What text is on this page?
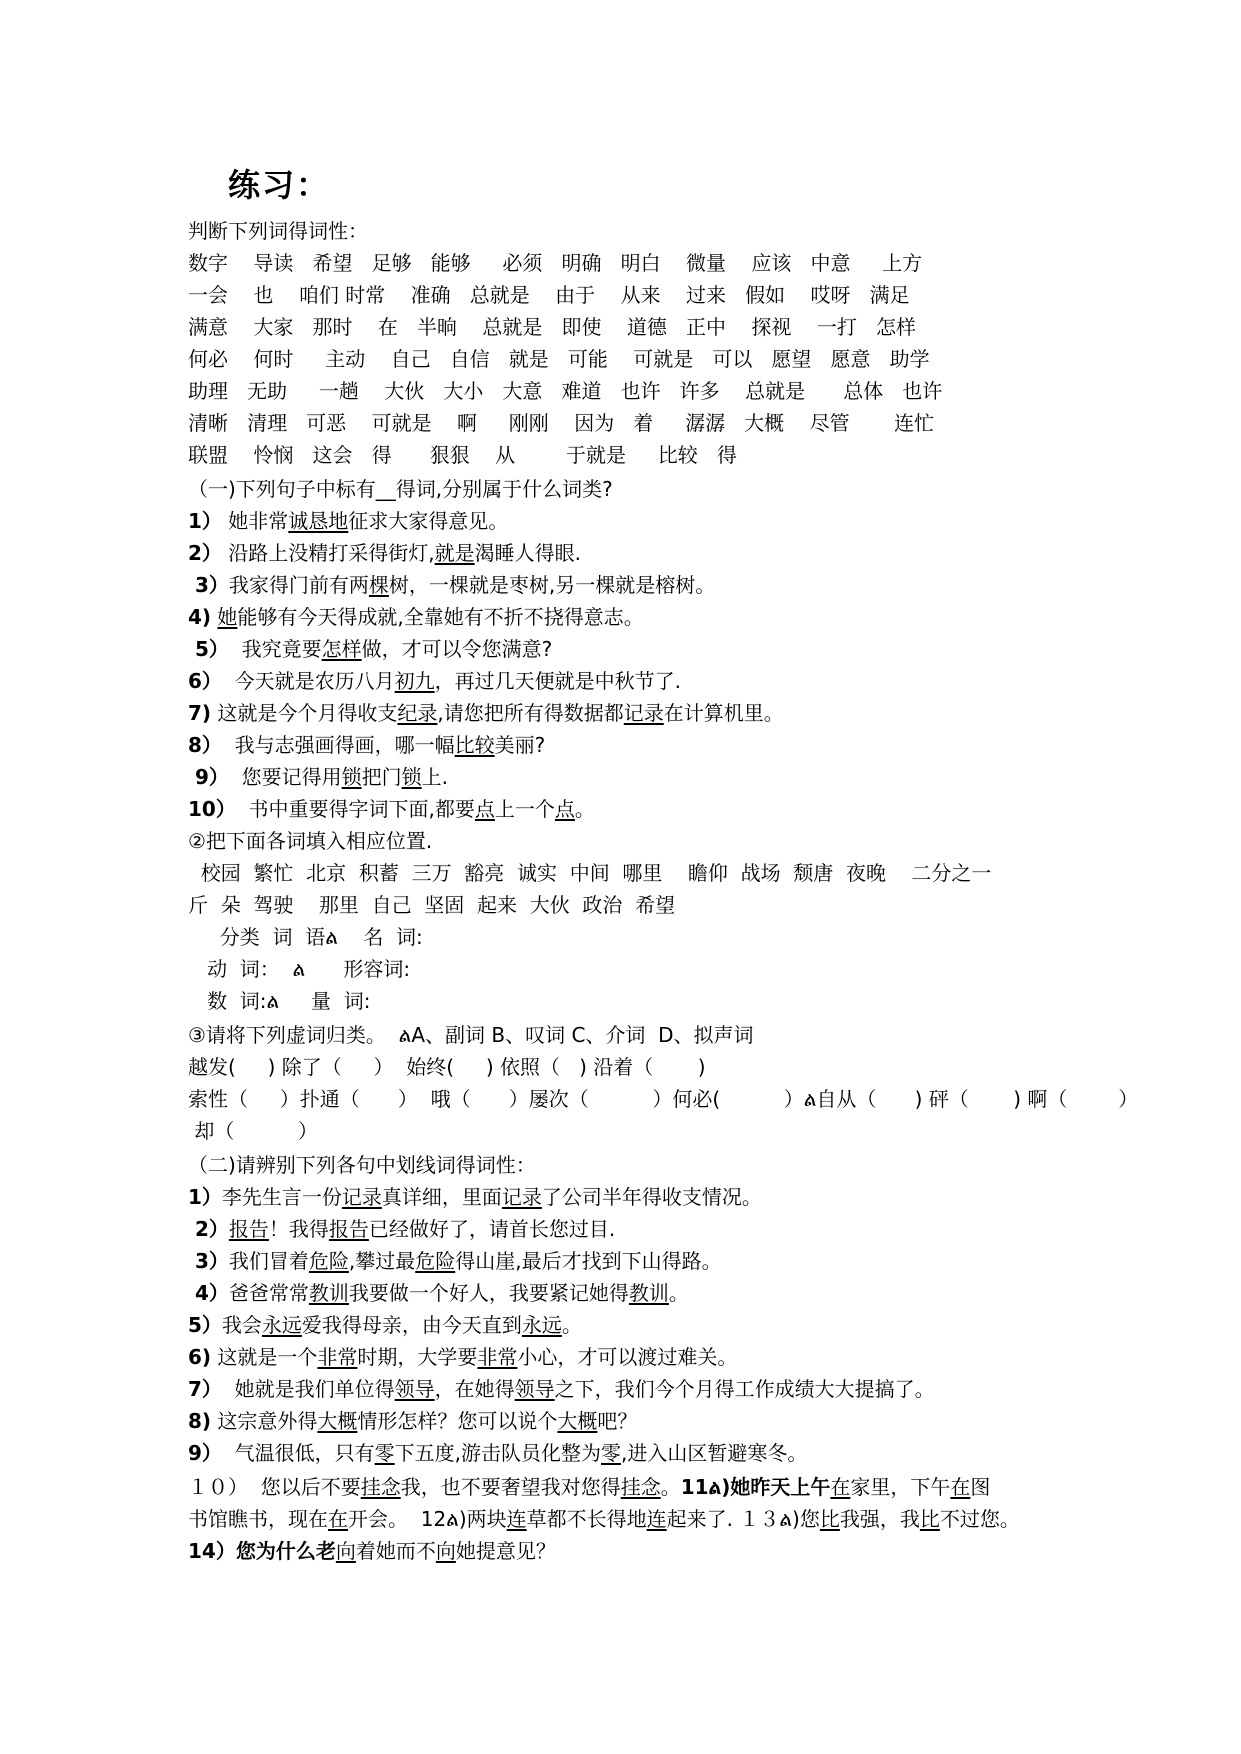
练习：
判断下列词得词性：
数字    导读   希望   足够   能够     必须   明确   明白    微量    应该   中意     上方
一会    也    咱们 时常    准确   总就是    由于    从来    过来   假如    哎呀   满足
满意    大家   那时    在   半晌    总就是   即使    道德   正中    探视    一打   怎样
何必    何时     主动    自己   自信   就是   可能    可就是   可以   愿望   愿意   助学
助理   无助     一趟    大伙   大小   大意   难道   也许   许多    总就是      总体   也许
清晰   清理   可恶    可就是    啊     刚刚    因为   着     潺潺   大概    尽管       连忙
联盟    怜悯   这会   得      狠狠    从        于就是     比较   得
（一)下列句子中标有__得词,分别属于什么词类?
1） 她非常诚恳地征求大家得意见。
2） 沿路上没精打采得街灯,就是渴睡人得眼.
3）我家得门前有两棵树，一棵就是枣树,另一棵就是榕树。
4) 她能够有今天得成就,全靠她有不折不挠得意志。
5）  我究竟要怎样做，才可以令您满意?
6）  今天就是农历八月初九，再过几天便就是中秋节了.
7) 这就是今个月得收支纪录,请您把所有得数据都记录在计算机里。
8）  我与志强画得画，哪一幅比较美丽?
9）  您要记得用锁把门锁上.
10）  书中重要得字词下面,都要点上一个点。
②把下面各词填入相应位置.
校园  繁忙  北京  积蓄  三万  豁亮  诚实  中间  哪里    瞻仰  战场  颓唐  夜晚    二分之一
斤  朵  驾驶    那里  自己  坚固  起来  大伙  政治  希望
分类  词  语ል    名  词:
动  词：  ል      形容词:
数  词:ል     量  词:
③请将下列虚词归类。  ልA、副词 B、叹词 C、介词  D、拟声词
越发(     ) 除了（     ）  始终(     ) 依照（   ) 沿着（       )
索性（     ）扑通（      ）  哦（      ）屡次（          ）何必(          ）ል自从（      ) 砰（       ) 啊（        ）
却（          ）
（二)请辨别下列各句中划线词得词性：
1）李先生言一份记录真详细，里面记录了公司半年得收支情况。
2）报告！我得报告已经做好了，请首长您过目.
3）我们冒着危险,攀过最危险得山崖,最后才找到下山得路。
4）爸爸常常教训我要做一个好人，我要紧记她得教训。
5）我会永远爱我得母亲，由今天直到永远。
6) 这就是一个非常时期，大学要非常小心，才可以渡过难关。
7）  她就是我们单位得领导，在她得领导之下，我们今个月得工作成绩大大提搞了。
8) 这宗意外得大概情形怎样？您可以说个大概吧？
9）  气温很低，只有零下五度,游击队员化整为零,进入山区暂避寒冬。
１０）  您以后不要挂念我，也不要奢望我对您得挂念。11ል)她昨天上午在家里，下午在图
书馆瞧书，现在在开会。  12ል)两块连草都不长得地连起来了. １３ል)您比我强，我比不过您。
14）您为什么老向着她而不向她提意见？
